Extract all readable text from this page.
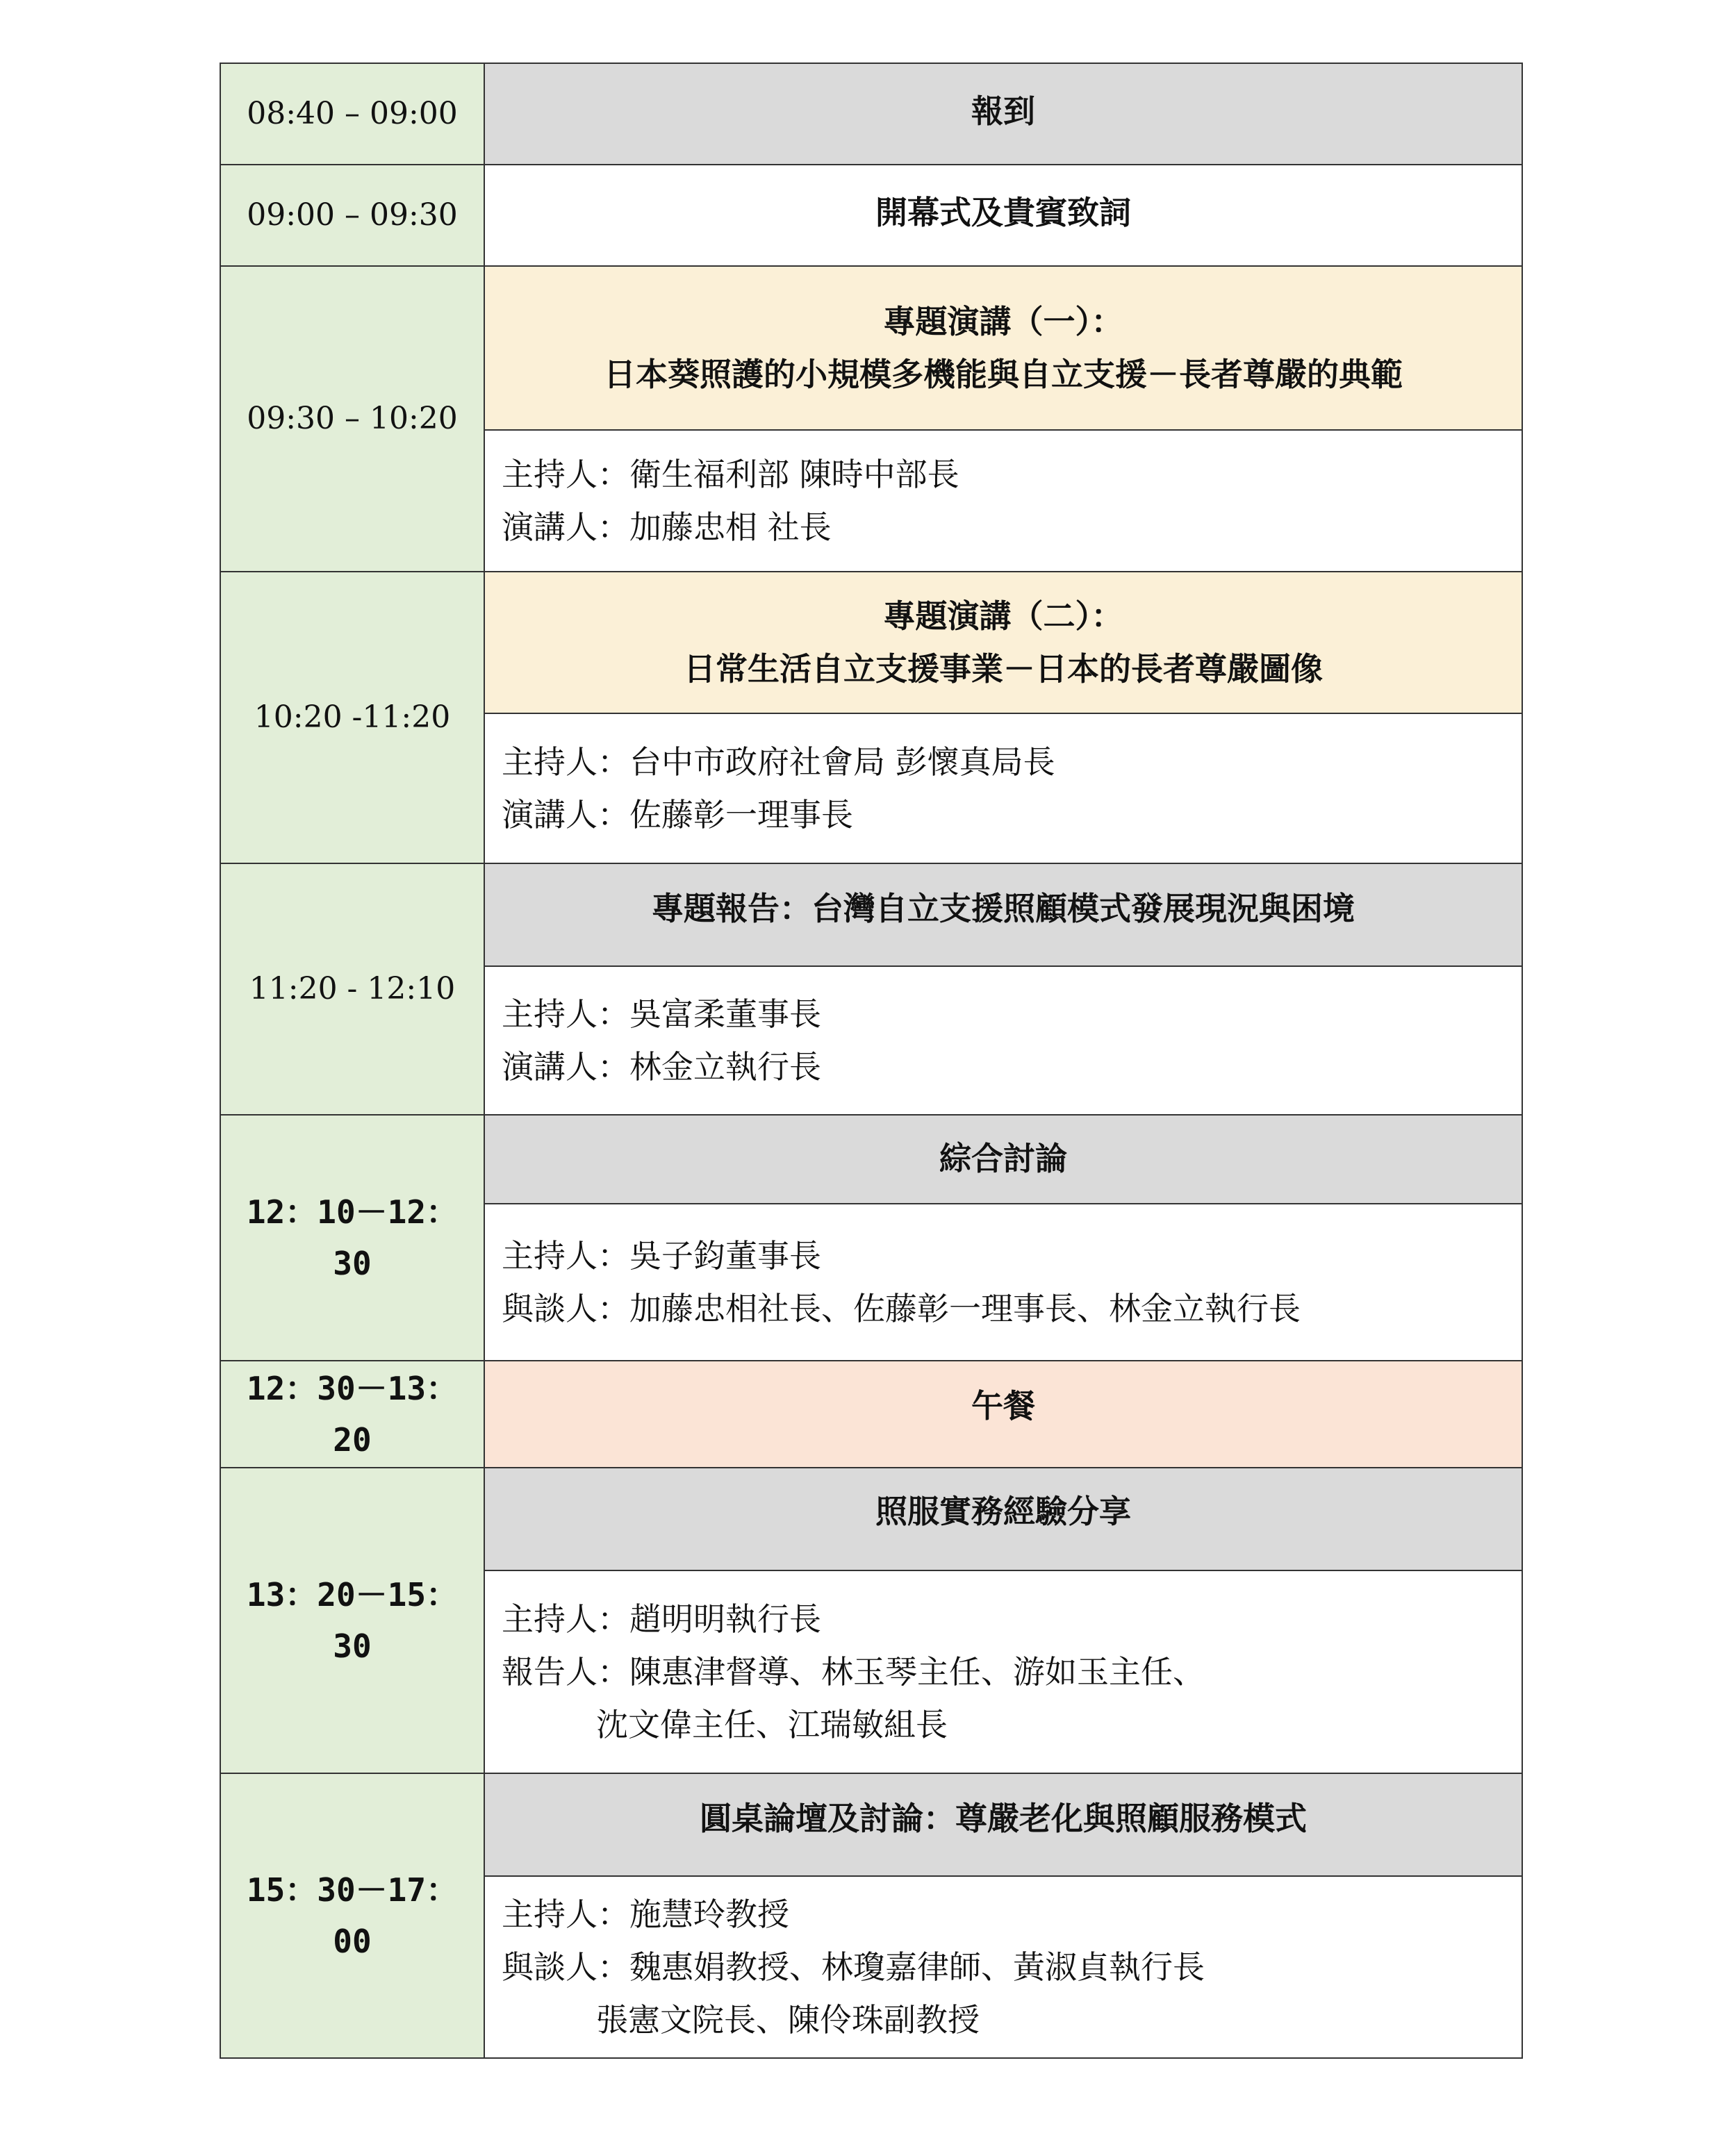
08:40 – 09:00	報到
09:00 – 09:30	開幕式及貴賓致詞
09:30 – 10:20	專題演講（一）：
日本葵照護的小規模多機能與自立支援－長者尊嚴的典範

	主持人：衛生福利部 陳時中部長
演講人：加藤忠相 社長

10:20 -11:20	專題演講（二）：
日常生活自立支援事業－日本的長者尊嚴圖像

	主持人：台中市政府社會局 彭懷真局長
演講人：佐藤彰一理事長

11:20 - 12:10	專題報告：台灣自立支援照顧模式發展現況與困境

	主持人：吳富柔董事長
演講人：林金立執行長

12：10－12：
30	綜合討論

	主持人：吳子鈞董事長
與談人：加藤忠相社長、佐藤彰一理事長、林金立執行長

12：30－13：
20	午餐

13：20－15：
30	照服實務經驗分享

	主持人：趙明明執行長
報告人：陳惠津督導、林玉琴主任、游如玉主任、
沈文偉主任、江瑞敏組長

15：30－17：
00	圓桌論壇及討論：尊嚴老化與照顧服務模式

	主持人：施慧玲教授
與談人：魏惠娟教授、林瓊嘉律師、黃淑貞執行長
張憲文院長、陳伶珠副教授
